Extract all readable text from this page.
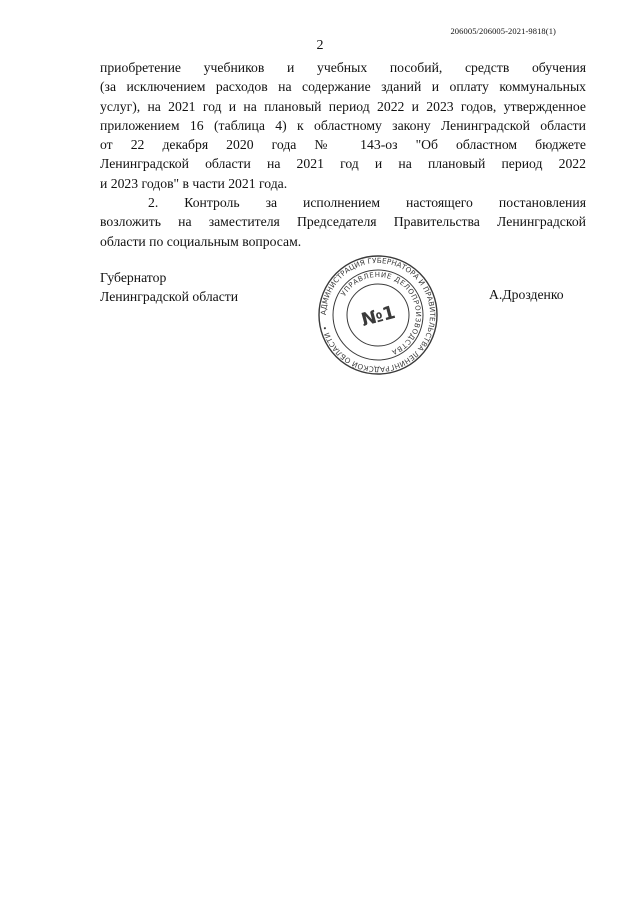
206005/206005-2021-9818(1)
2
приобретение учебников и учебных пособий, средств обучения
(за исключением расходов на содержание зданий и оплату коммунальных
услуг), на 2021 год и на плановый период 2022 и 2023 годов, утвержденное
приложением 16 (таблица 4) к областному закону Ленинградской области
от 22 декабря 2020 года № 143-оз "Об областном бюджете
Ленинградской области на 2021 год и на плановый период 2022
и 2023 годов" в части 2021 года.
2. Контроль за исполнением настоящего постановления
возложить на заместителя Председателя Правительства Ленинградской
области по социальным вопросам.
Губернатор
Ленинградской области	А.Дрозденко
АДМИНИСТРАЦИЯ ГУБЕРНАТОРА И ПРАВИТЕЛЬСТВА ЛЕНИНГРАДСКОЙ ОБЛАСТИ •
УПРАВЛЕНИЕ ДЕЛОПРОИЗВОДСТВА
№1
